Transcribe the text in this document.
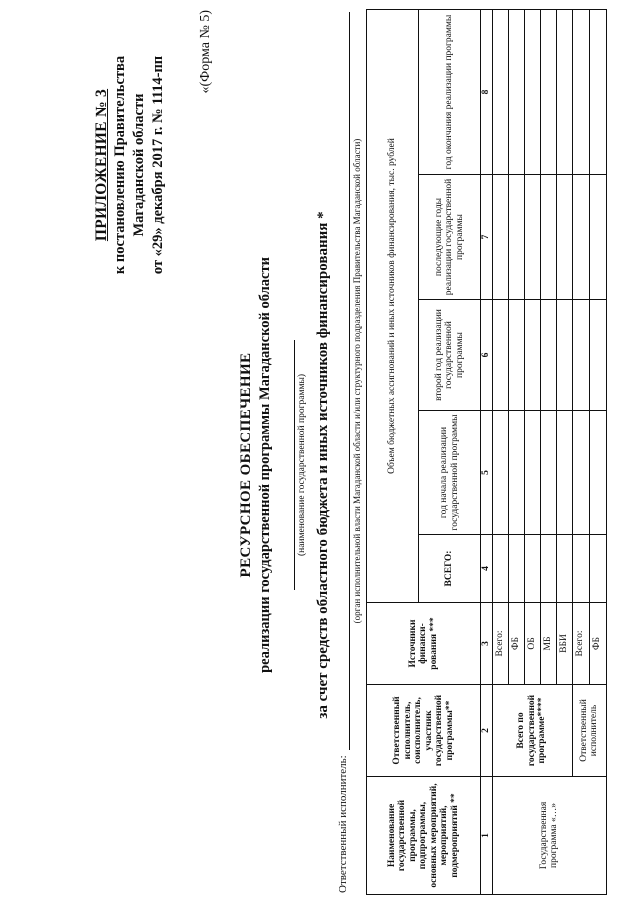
ПРИЛОЖЕНИЕ № 3 к постановлению Правительства Магаданской области от «29» декабря 2017 г. № 1114-пп
«(Форма № 5)
РЕСУРСНОЕ ОБЕСПЕЧЕНИЕ реализации государственной программы Магаданской области	(наименование государственной программы) за счет средств областного бюджета и иных источников финансирования *
Ответственный исполнитель:
(орган исполнительной власти Магаданской области и/или структурного подразделения Правительства Магаданской области)
Наименование государственной программы, подпрограммы, основных мероприятий, мероприятий, подмероприятий **	Ответственный исполнитель, соисполнитель, участник государственной программы**	Источники финанси-рования ***	Объем бюджетных ассигнований и иных источников финансирования, тыс. рублей				
			ВСЕГО:	год начала реализации государственной программы	второй год реализации государственной программы	последующие годы реализации государственной программы	год окончания реализации программы
1	2	3	4	5	6	7	8
Государственная программа «…»	Всего по государственной программе****	Всего:					
		ФБ					
		ОБ					
		МБ					
		ВБИ					
	Ответственный исполнитель	Всего:					
		ФБ					
